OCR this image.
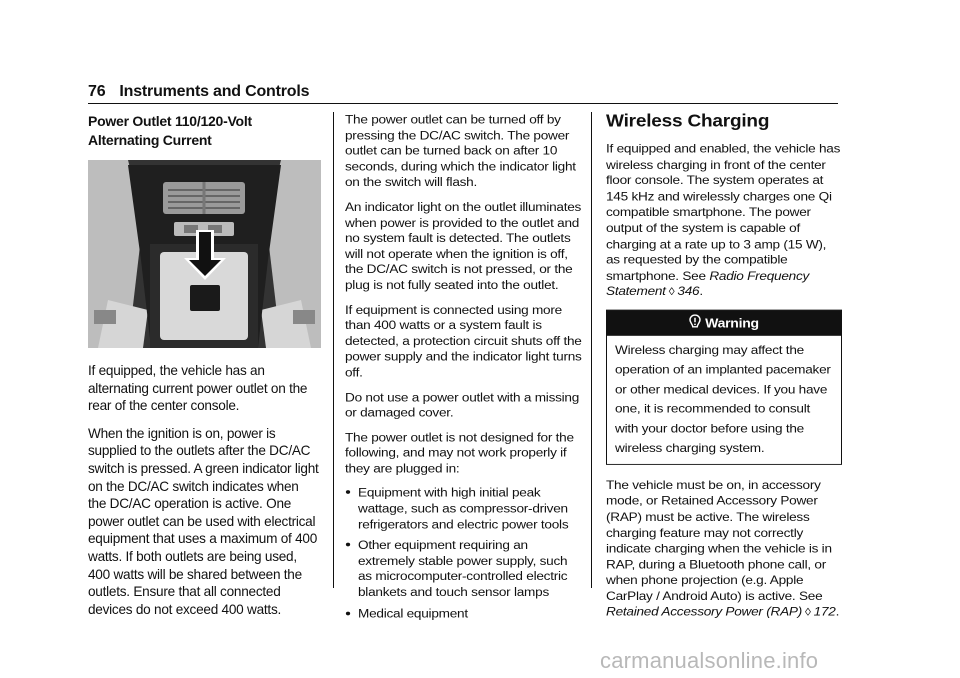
76 Instruments and Controls
Power Outlet 110/120-Volt Alternating Current

If equipped, the vehicle has an alternating current power outlet on the rear of the center console.

When the ignition is on, power is supplied to the outlets after the DC/AC switch is pressed. A green indicator light on the DC/AC switch indicates when the DC/AC operation is active. One power outlet can be used with electrical equipment that uses a maximum of 400 watts. If both outlets are being used, 400 watts will be shared between the outlets. Ensure that all connected devices do not exceed 400 watts.

The power outlet can be turned off by pressing the DC/AC switch. The power outlet can be turned back on after 10 seconds, during which the indicator light on the switch will flash.

An indicator light on the outlet illuminates when power is provided to the outlet and no system fault is detected. The outlets will not operate when the ignition is off, the DC/AC switch is not pressed, or the plug is not fully seated into the outlet.

If equipment is connected using more than 400 watts or a system fault is detected, a protection circuit shuts off the power supply and the indicator light turns off.

Do not use a power outlet with a missing or damaged cover.

The power outlet is not designed for the following, and may not work properly if they are plugged in:

● Equipment with high initial peak wattage, such as compressor-driven refrigerators and electric power tools
● Other equipment requiring an extremely stable power supply, such as microcomputer-controlled electric blankets and touch sensor lamps
● Medical equipment
Wireless Charging

If equipped and enabled, the vehicle has wireless charging in front of the center floor console. The system operates at 145 kHz and wirelessly charges one Qi compatible smartphone. The power output of the system is capable of charging at a rate up to 3 amp (15 W), as requested by the compatible smartphone. See Radio Frequency Statement ◊ 346.

Warning
Wireless charging may affect the operation of an implanted pacemaker or other medical devices. If you have one, it is recommended to consult with your doctor before using the wireless charging system.

The vehicle must be on, in accessory mode, or Retained Accessory Power (RAP) must be active. The wireless charging feature may not correctly indicate charging when the vehicle is in RAP, during a Bluetooth phone call, or when phone projection (e.g. Apple CarPlay / Android Auto) is active. See Retained Accessory Power (RAP) ◊ 172.

carmanualsonline.info
